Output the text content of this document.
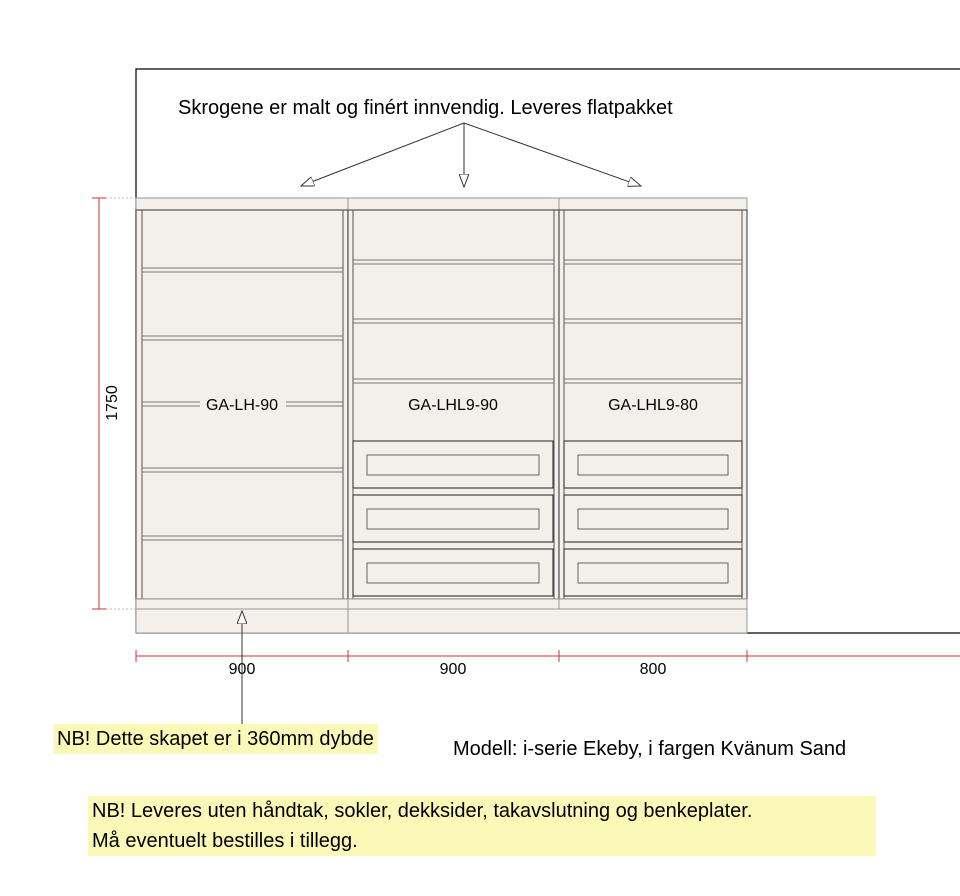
Skrogene er malt og finért innvendig. Leveres flatpakket
GA-LH-90	GA-LHL9-90	GA-LHL9-80
1750
900	900	800
NB! Dette skapet er i 360mm dybde	Modell: i-serie Ekeby, i fargen Kvänum Sand
NB! Leveres uten håndtak, sokler, dekksider, takavslutning og benkeplater.
Må eventuelt bestilles i tillegg.
